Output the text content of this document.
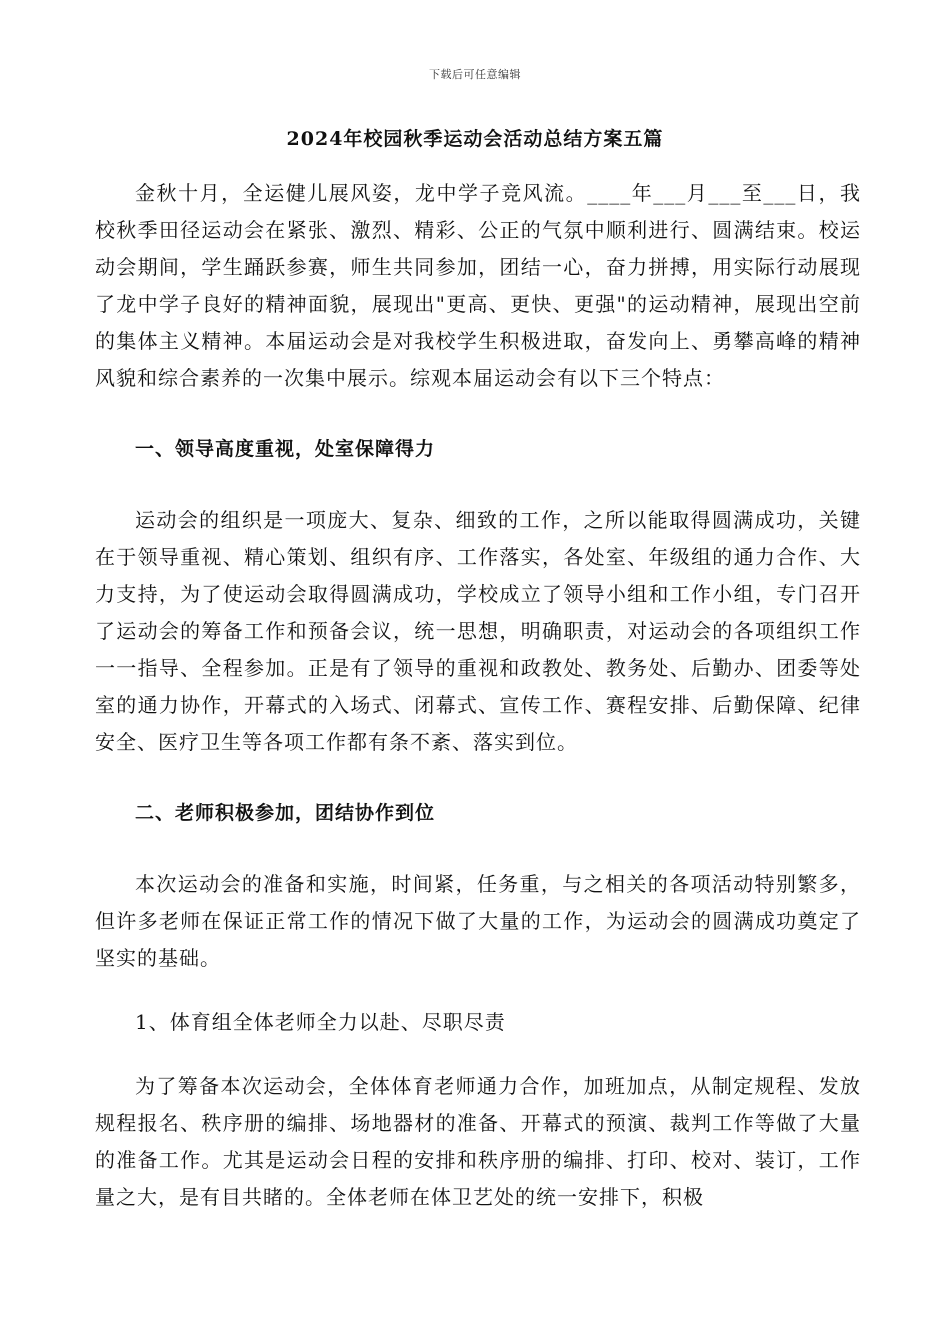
下载后可任意编辑
2024年校园秋季运动会活动总结方案五篇

金秋十月，全运健儿展风姿，龙中学子竞风流。____年___月___至___日，我校秋季田径运动会在紧张、激烈、精彩、公正的气氛中顺利进行、圆满结束。校运动会期间，学生踊跃参赛，师生共同参加，团结一心，奋力拼搏，用实际行动展现了龙中学子良好的精神面貌，展现出"更高、更快、更强"的运动精神，展现出空前的集体主义精神。本届运动会是对我校学生积极进取，奋发向上、勇攀高峰的精神风貌和综合素养的一次集中展示。综观本届运动会有以下三个特点：

一、领导高度重视，处室保障得力

运动会的组织是一项庞大、复杂、细致的工作，之所以能取得圆满成功，关键在于领导重视、精心策划、组织有序、工作落实，各处室、年级组的通力合作、大力支持，为了使运动会取得圆满成功，学校成立了领导小组和工作小组，专门召开了运动会的筹备工作和预备会议，统一思想，明确职责，对运动会的各项组织工作一一指导、全程参加。正是有了领导的重视和政教处、教务处、后勤办、团委等处室的通力协作，开幕式的入场式、闭幕式、宣传工作、赛程安排、后勤保障、纪律安全、医疗卫生等各项工作都有条不紊、落实到位。

二、老师积极参加，团结协作到位

本次运动会的准备和实施，时间紧，任务重，与之相关的各项活动特别繁多，但许多老师在保证正常工作的情况下做了大量的工作，为运动会的圆满成功奠定了坚实的基础。

1、体育组全体老师全力以赴、尽职尽责

为了筹备本次运动会，全体体育老师通力合作，加班加点，从制定规程、发放规程报名、秩序册的编排、场地器材的准备、开幕式的预演、裁判工作等做了大量的准备工作。尤其是运动会日程的安排和秩序册的编排、打印、校对、装订，工作量之大，是有目共睹的。全体老师在体卫艺处的统一安排下，积极
